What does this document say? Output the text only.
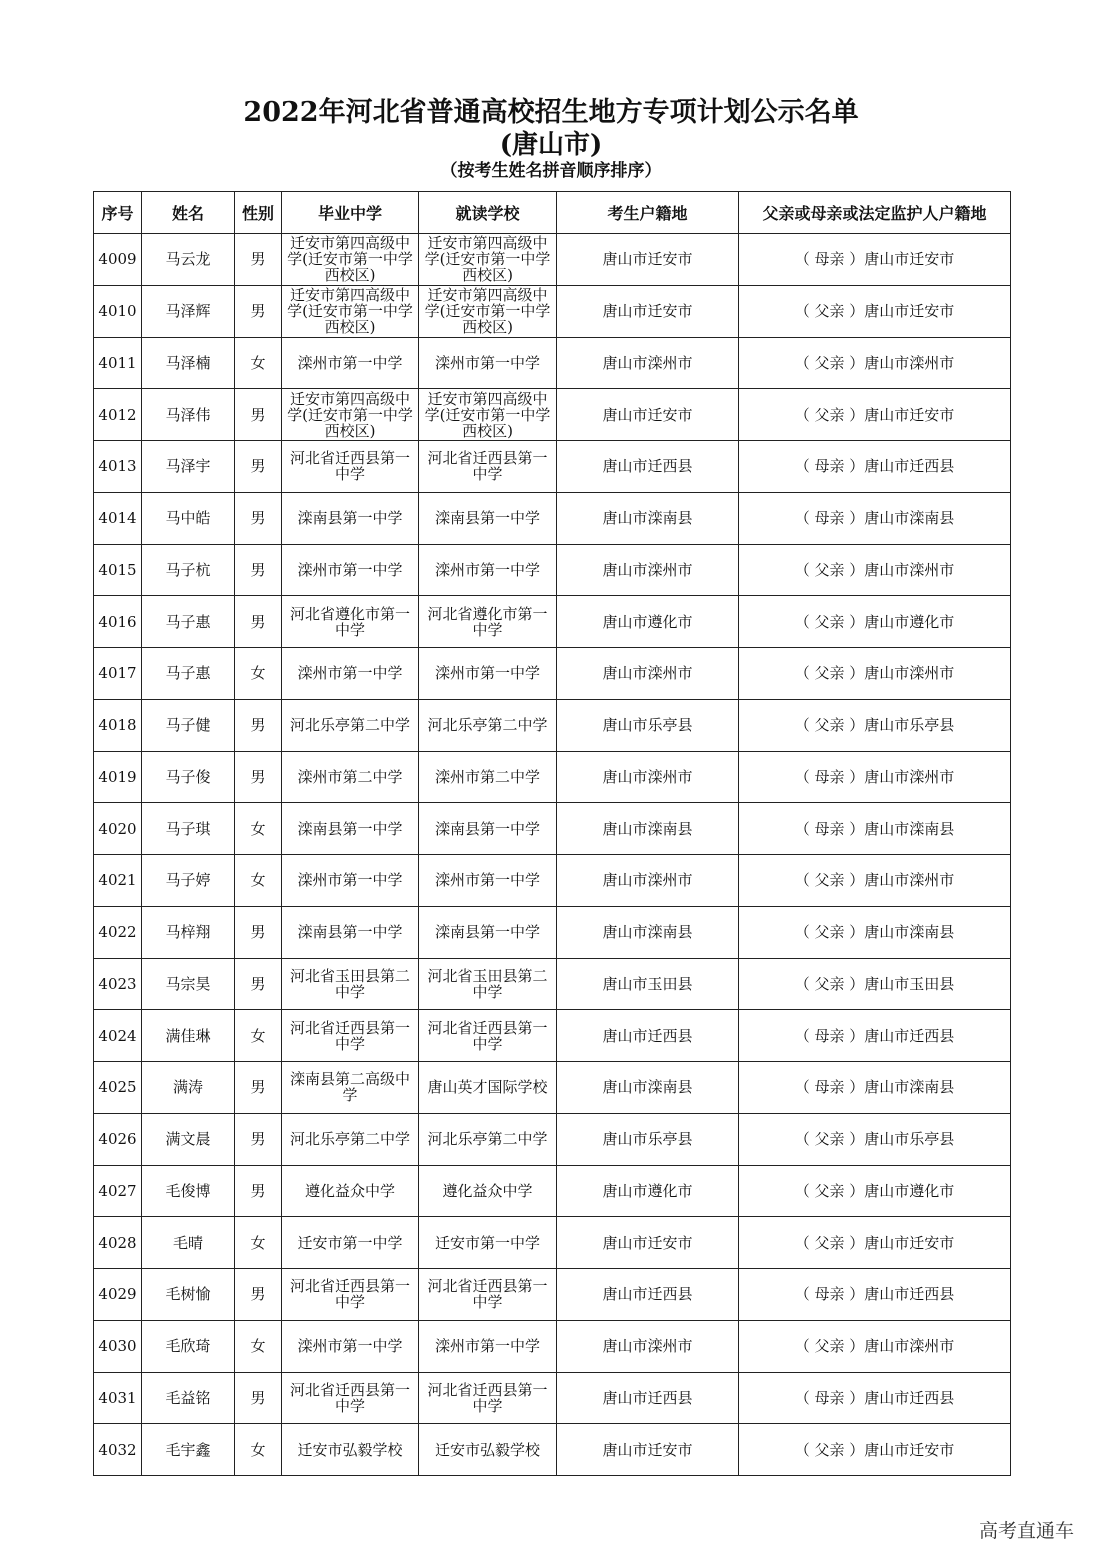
2022年河北省普通高校招生地方专项计划公示名单
(唐山市)
（按考生姓名拼音顺序排序）
序号	姓名	性别	毕业中学	就读学校	考生户籍地	父亲或母亲或法定监护人户籍地
4009	马云龙	男	迁安市第四高级中学(迁安市第一中学西校区)	迁安市第四高级中学(迁安市第一中学西校区)	唐山市迁安市	（ 母亲 ）唐山市迁安市
4010	马泽辉	男	迁安市第四高级中学(迁安市第一中学西校区)	迁安市第四高级中学(迁安市第一中学西校区)	唐山市迁安市	（ 父亲 ）唐山市迁安市
4011	马泽楠	女	滦州市第一中学	滦州市第一中学	唐山市滦州市	（ 父亲 ）唐山市滦州市
4012	马泽伟	男	迁安市第四高级中学(迁安市第一中学西校区)	迁安市第四高级中学(迁安市第一中学西校区)	唐山市迁安市	（ 父亲 ）唐山市迁安市
4013	马泽宇	男	河北省迁西县第一中学	河北省迁西县第一中学	唐山市迁西县	（ 母亲 ）唐山市迁西县
4014	马中皓	男	滦南县第一中学	滦南县第一中学	唐山市滦南县	（ 母亲 ）唐山市滦南县
4015	马子杭	男	滦州市第一中学	滦州市第一中学	唐山市滦州市	（ 父亲 ）唐山市滦州市
4016	马子惠	男	河北省遵化市第一中学	河北省遵化市第一中学	唐山市遵化市	（ 父亲 ）唐山市遵化市
4017	马子惠	女	滦州市第一中学	滦州市第一中学	唐山市滦州市	（ 父亲 ）唐山市滦州市
4018	马子健	男	河北乐亭第二中学	河北乐亭第二中学	唐山市乐亭县	（ 父亲 ）唐山市乐亭县
4019	马子俊	男	滦州市第二中学	滦州市第二中学	唐山市滦州市	（ 母亲 ）唐山市滦州市
4020	马子琪	女	滦南县第一中学	滦南县第一中学	唐山市滦南县	（ 母亲 ）唐山市滦南县
4021	马子婷	女	滦州市第一中学	滦州市第一中学	唐山市滦州市	（ 父亲 ）唐山市滦州市
4022	马梓翔	男	滦南县第一中学	滦南县第一中学	唐山市滦南县	（ 父亲 ）唐山市滦南县
4023	马宗昊	男	河北省玉田县第二中学	河北省玉田县第二中学	唐山市玉田县	（ 父亲 ）唐山市玉田县
4024	满佳琳	女	河北省迁西县第一中学	河北省迁西县第一中学	唐山市迁西县	（ 母亲 ）唐山市迁西县
4025	满涛	男	滦南县第二高级中学	唐山英才国际学校	唐山市滦南县	（ 母亲 ）唐山市滦南县
4026	满文晨	男	河北乐亭第二中学	河北乐亭第二中学	唐山市乐亭县	（ 父亲 ）唐山市乐亭县
4027	毛俊博	男	遵化益众中学	遵化益众中学	唐山市遵化市	（ 父亲 ）唐山市遵化市
4028	毛晴	女	迁安市第一中学	迁安市第一中学	唐山市迁安市	（ 父亲 ）唐山市迁安市
4029	毛树愉	男	河北省迁西县第一中学	河北省迁西县第一中学	唐山市迁西县	（ 母亲 ）唐山市迁西县
4030	毛欣琦	女	滦州市第一中学	滦州市第一中学	唐山市滦州市	（ 父亲 ）唐山市滦州市
4031	毛益铭	男	河北省迁西县第一中学	河北省迁西县第一中学	唐山市迁西县	（ 母亲 ）唐山市迁西县
4032	毛宇鑫	女	迁安市弘毅学校	迁安市弘毅学校	唐山市迁安市	（ 父亲 ）唐山市迁安市
高考直通车
